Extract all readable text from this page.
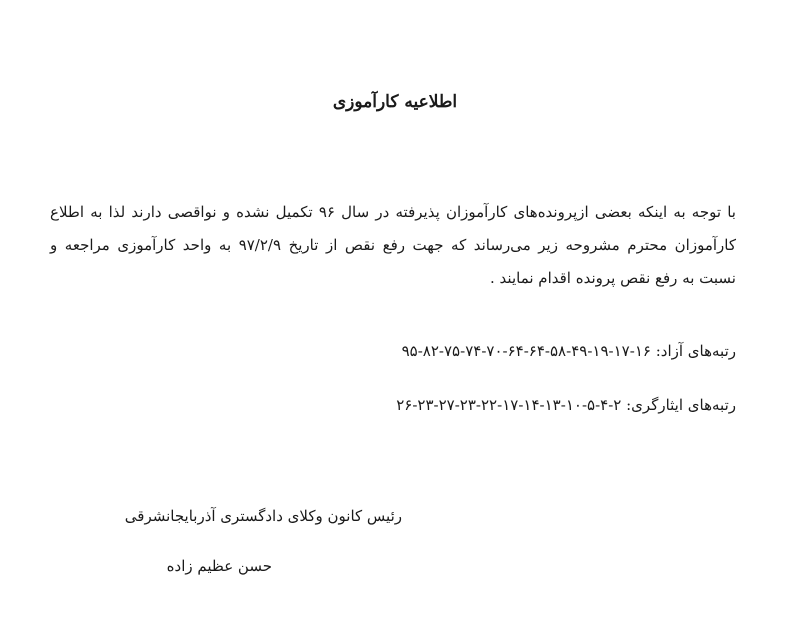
اطلاعیه کارآموزی
با توجه به اینکه بعضی ازپرونده‌های کارآموزان پذیرفته در سال ۹۶ تکمیل نشده و نواقصی دارند لذا به اطلاع
کارآموزان محترم مشروحه زیر می‌رساند که جهت رفع نقص از تاریخ ۹۷/۲/۹ به واحد کارآموزی مراجعه و
نسبت به رفع نقص پرونده اقدام نمایند .
رتبه‌های آزاد: ۱۶-۱۷-۱۹-۴۹-۵۸-۶۴-۶۴-۷۰-۷۴-۷۵-۸۲-۹۵
رتبه‌های ایثارگری: ۲-۴-۵-۱۰-۱۳-۱۴-۱۷-۲۲-۲۳-۲۷-۲۳-۲۶
رئیس کانون وکلای دادگستری آذربایجانشرقی
حسن عظیم زاده
